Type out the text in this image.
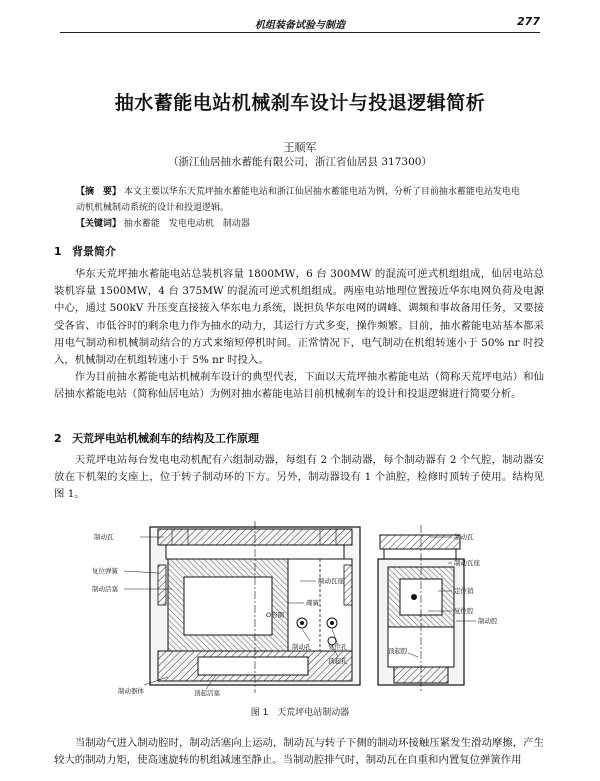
机组装备试验与制造	277
抽水蓄能电站机械刹车设计与投退逻辑简析
王顺军
（浙江仙居抽水蓄能有限公司，浙江省仙居县 317300）

【摘　要】 本文主要以华东天荒坪抽水蓄能电站和浙江仙居抽水蓄能电站为例，分析了目前抽水蓄能电站发电电

动机机械制动系统的设计和投退逻辑。

【关键词】 抽水蓄能　发电电动机　制动器

1 背景简介

华东天荒坪抽水蓄能电站总装机容量 1800MW，6 台 300MW 的混流可逆式机组组成，仙居电站总装机容量 1500MW，4 台 375MW 的混流可逆式机组组成。两座电站地理位置接近华东电网负荷及电源中心，通过 500kV 升压变直接接入华东电力系统，既担负华东电网的调峰、调频和事故备用任务，又要接受各省、市低谷时的剩余电力作为抽水的动力，其运行方式多变，操作频繁。目前，抽水蓄能电站基本都采用电气制动和机械制动结合的方式来缩短停机时间。正常情况下，电气制动在机组转速小于 50% nr 时投入，机械制动在机组转速小于 5% nr 时投入。

作为目前抽水蓄能电站机械刹车设计的典型代表，下面以天荒坪抽水蓄能电站（简称天荒坪电站）和仙居抽水蓄能电站（简称仙居电站）为例对抽水蓄能电站目前机械刹车的设计和投退逻辑进行简要分析。

2 天荒坪电站机械刹车的结构及工作原理

天荒坪电站每台发电电动机配有六组制动器，每组有 2 个制动器，每个制动器有 2 个气腔，制动器安放在下机架的支座上，位于转子制动环的下方。另外，制动器设有 1 个油腔，检修时顶转子使用。结构见图 1。

制动瓦
复位弹簧
制动活塞
制动瓦座
碟簧
O形圈
制动孔	复位孔
顶起孔
制动器体	顶起活塞
制动瓦
制动瓦座
定位销
复位腔
制动腔
顶起腔
图 1　天荒坪电站制动器

当制动气进入制动腔时，制动活塞向上运动，制动瓦与转子下侧的制动环接触压紧发生滑动摩擦，产生较大的制动力矩，使高速旋转的机组减速至静止。当制动腔排气时，制动瓦在自重和内置复位弹簧作用
